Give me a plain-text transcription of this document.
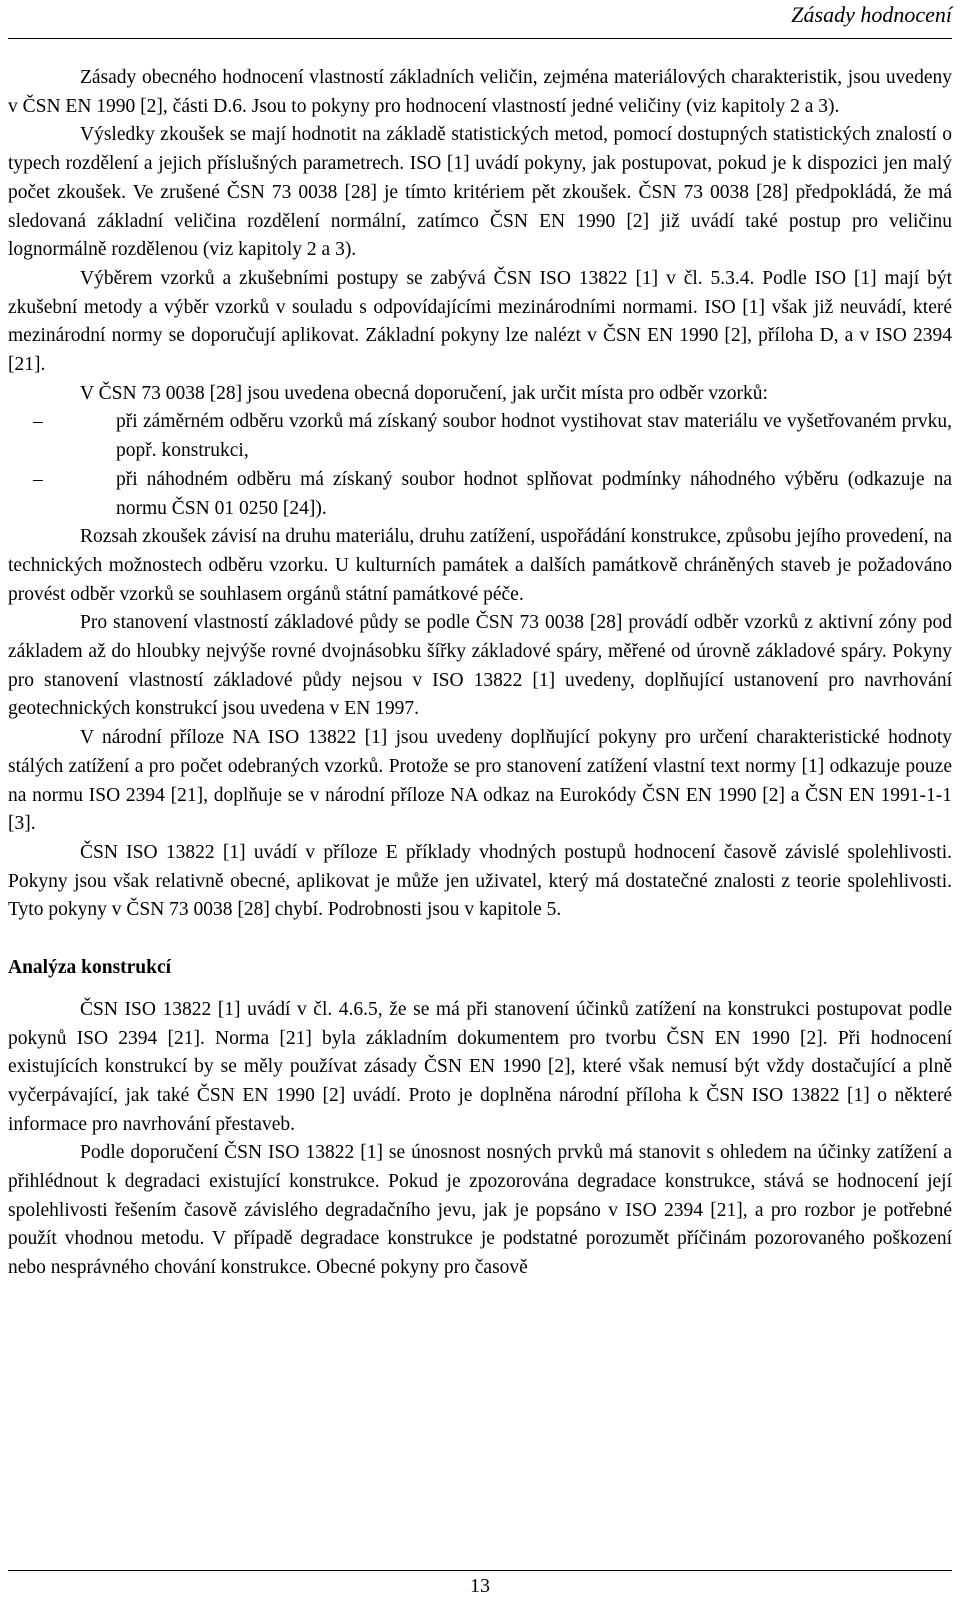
Zásady hodnocení

Zásady obecného hodnocení vlastností základních veličin, zejména materiálových charakteristik, jsou uvedeny v ČSN EN 1990 [2], části D.6. Jsou to pokyny pro hodnocení vlastností jedné veličiny (viz kapitoly 2 a 3).

Výsledky zkoušek se mají hodnotit na základě statistických metod, pomocí dostupných statistických znalostí o typech rozdělení a jejich příslušných parametrech. ISO [1] uvádí pokyny, jak postupovat, pokud je k dispozici jen malý počet zkoušek. Ve zrušené ČSN 73 0038 [28] je tímto kritériem pět zkoušek. ČSN 73 0038 [28] předpokládá, že má sledovaná základní veličina rozdělení normální, zatímco ČSN EN 1990 [2] již uvádí také postup pro veličinu lognormálně rozdělenou (viz kapitoly 2 a 3).

Výběrem vzorků a zkušebními postupy se zabývá ČSN ISO 13822 [1] v čl. 5.3.4. Podle ISO [1] mají být zkušební metody a výběr vzorků v souladu s odpovídajícími mezinárodními normami. ISO [1] však již neuvádí, které mezinárodní normy se doporučují aplikovat. Základní pokyny lze nalézt v ČSN EN 1990 [2], příloha D, a v ISO 2394 [21].

V ČSN 73 0038 [28] jsou uvedena obecná doporučení, jak určit místa pro odběr vzorků:

–	při záměrném odběru vzorků má získaný soubor hodnot vystihovat stav materiálu ve vyšetřovaném prvku, popř. konstrukci,
–	při náhodném odběru má získaný soubor hodnot splňovat podmínky náhodného výběru (odkazuje na normu ČSN 01 0250 [24]).

Rozsah zkoušek závisí na druhu materiálu, druhu zatížení, uspořádání konstrukce, způsobu jejího provedení, na technických možnostech odběru vzorku. U kulturních památek a dalších památkově chráněných staveb je požadováno provést odběr vzorků se souhlasem orgánů státní památkové péče.

Pro stanovení vlastností základové půdy se podle ČSN 73 0038 [28] provádí odběr vzorků z aktivní zóny pod základem až do hloubky nejvýše rovné dvojnásobku šířky základové spáry, měřené od úrovně základové spáry. Pokyny pro stanovení vlastností základové půdy nejsou v ISO 13822 [1] uvedeny, doplňující ustanovení pro navrhování geotechnických konstrukcí jsou uvedena v EN 1997.

V národní příloze NA ISO 13822 [1] jsou uvedeny doplňující pokyny pro určení charakteristické hodnoty stálých zatížení a pro počet odebraných vzorků. Protože se pro stanovení zatížení vlastní text normy [1] odkazuje pouze na normu ISO 2394 [21], doplňuje se v národní příloze NA odkaz na Eurokódy ČSN EN 1990 [2] a ČSN EN 1991-1-1 [3].

ČSN ISO 13822 [1] uvádí v příloze E příklady vhodných postupů hodnocení časově závislé spolehlivosti. Pokyny jsou však relativně obecné, aplikovat je může jen uživatel, který má dostatečné znalosti z teorie spolehlivosti. Tyto pokyny v ČSN 73 0038 [28] chybí. Podrobnosti jsou v kapitole 5.

Analýza konstrukcí

ČSN ISO 13822 [1] uvádí v čl. 4.6.5, že se má při stanovení účinků zatížení na konstrukci postupovat podle pokynů ISO 2394 [21]. Norma [21] byla základním dokumentem pro tvorbu ČSN EN 1990 [2]. Při hodnocení existujících konstrukcí by se měly používat zásady ČSN EN 1990 [2], které však nemusí být vždy dostačující a plně vyčerpávající, jak také ČSN EN 1990 [2] uvádí. Proto je doplněna národní příloha k ČSN ISO 13822 [1] o některé informace pro navrhování přestaveb.

Podle doporučení ČSN ISO 13822 [1] se únosnost nosných prvků má stanovit s ohledem na účinky zatížení a přihlédnout k degradaci existující konstrukce. Pokud je zpozorována degradace konstrukce, stává se hodnocení její spolehlivosti řešením časově závislého degradačního jevu, jak je popsáno v ISO 2394 [21], a pro rozbor je potřebné použít vhodnou metodu. V případě degradace konstrukce je podstatné porozumět příčinám pozorovaného poškození nebo nesprávného chování konstrukce. Obecné pokyny pro časově

13
